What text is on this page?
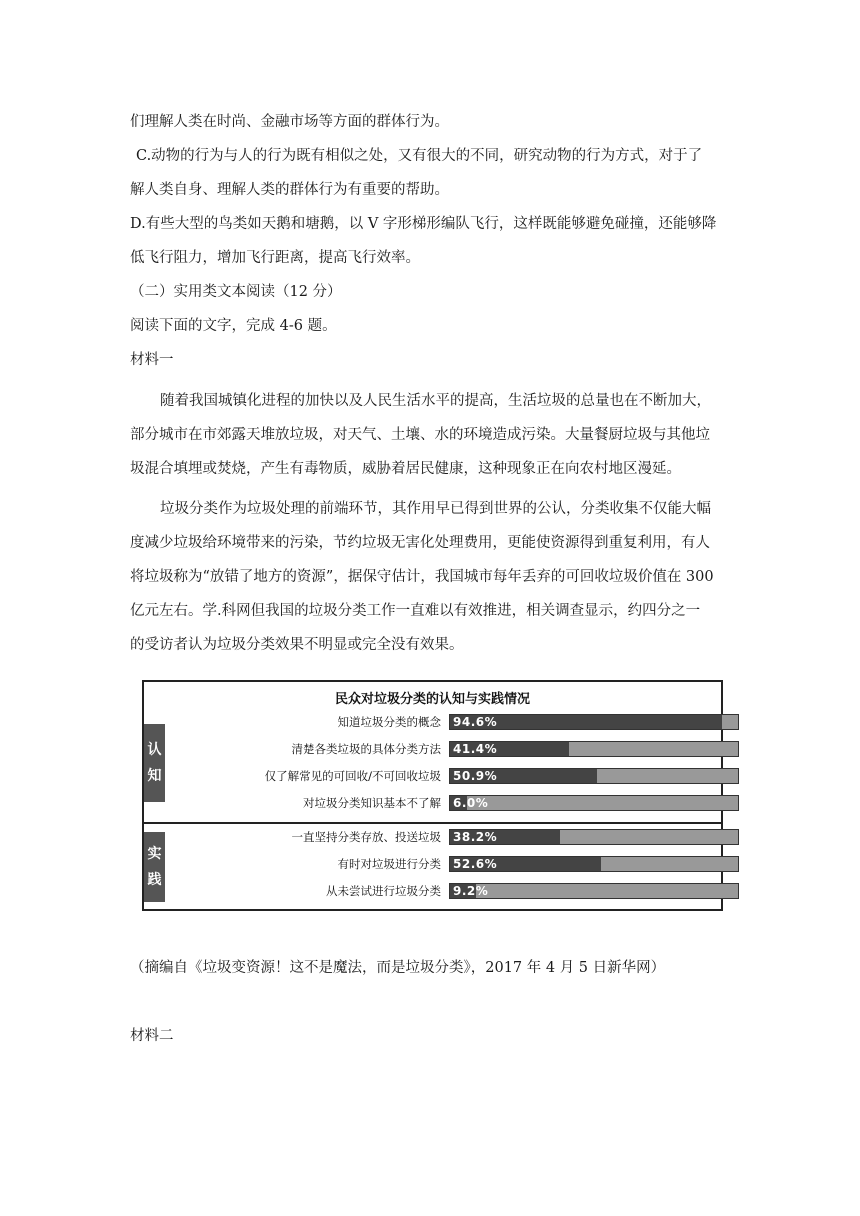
们理解人类在时尚、金融市场等方面的群体行为。
C.动物的行为与人的行为既有相似之处，又有很大的不同，研究动物的行为方式，对于了
解人类自身、理解人类的群体行为有重要的帮助。
D.有些大型的鸟类如天鹅和塘鹅，以 V 字形梯形编队飞行，这样既能够避免碰撞，还能够降
低飞行阻力，增加飞行距离，提高飞行效率。
（二）实用类文本阅读（12 分）
阅读下面的文字，完成 4-6 题。
材料一
随着我国城镇化进程的加快以及人民生活水平的提高，生活垃圾的总量也在不断加大，
部分城市在市郊露天堆放垃圾，对天气、土壤、水的环境造成污染。大量餐厨垃圾与其他垃
圾混合填埋或焚烧，产生有毒物质，威胁着居民健康，这种现象正在向农村地区漫延。
垃圾分类作为垃圾处理的前端环节，其作用早已得到世界的公认，分类收集不仅能大幅
度减少垃圾给环境带来的污染，节约垃圾无害化处理费用，更能使资源得到重复利用，有人
将垃圾称为“放错了地方的资源”，据保守估计，我国城市每年丢弃的可回收垃圾价值在 300
亿元左右。学.科网但我国的垃圾分类工作一直难以有效推进，相关调查显示，约四分之一
的受访者认为垃圾分类效果不明显或完全没有效果。
（摘编自《垃圾变资源！这不是魔法，而是垃圾分类》，2017 年 4 月 5 日新华网）
材料二
民众对垃圾分类的认知与实践情况
认
知
知道垃圾分类的概念 94.6%
清楚各类垃圾的具体分类方法 41.4%
仅了解常见的可回收/不可回收垃圾 50.9%
对垃圾分类知识基本不了解 6.0%
实
践
一直坚持分类存放、投送垃圾 38.2%
有时对垃圾进行分类 52.6%
从未尝试进行垃圾分类 9.2%
